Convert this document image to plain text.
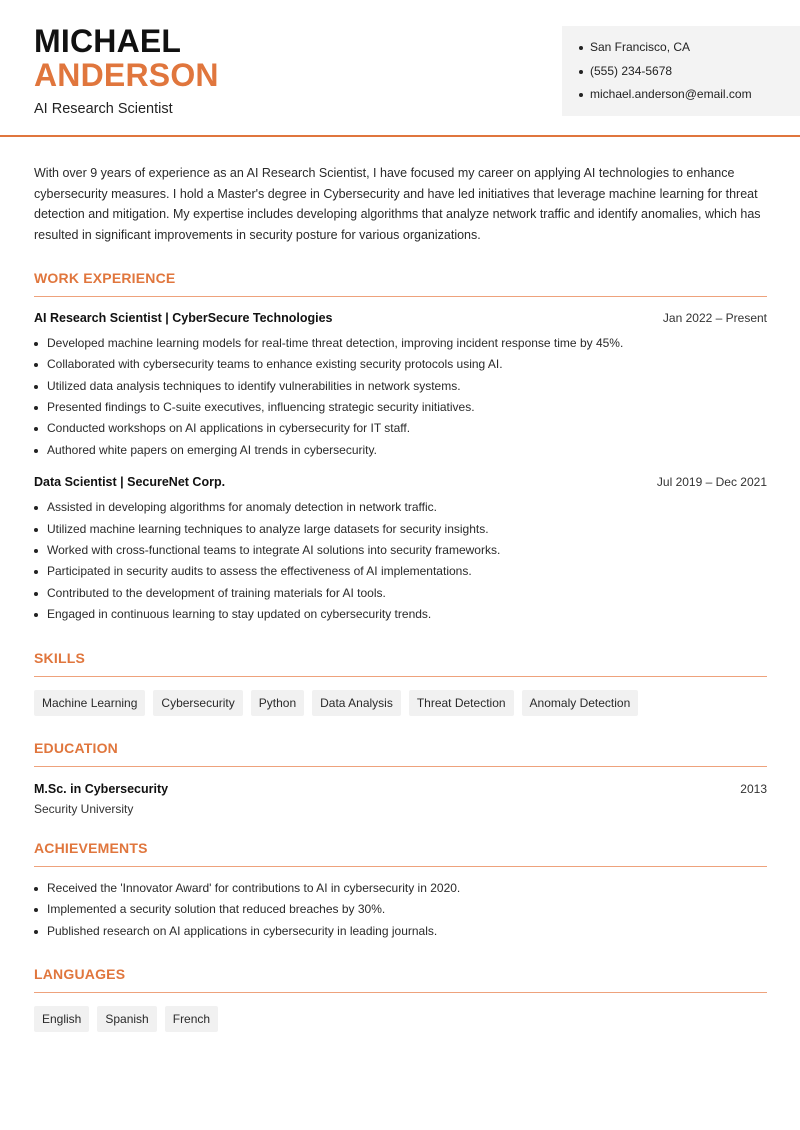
MICHAEL
ANDERSON
AI Research Scientist
San Francisco, CA
(555) 234-5678
michael.anderson@email.com

With over 9 years of experience as an AI Research Scientist, I have focused my career on applying AI technologies to enhance cybersecurity measures. I hold a Master's degree in Cybersecurity and have led initiatives that leverage machine learning for threat detection and mitigation. My expertise includes developing algorithms that analyze network traffic and identify anomalies, which has resulted in significant improvements in security posture for various organizations.

WORK EXPERIENCE
AI Research Scientist | CyberSecure Technologies	Jan 2022 – Present
Developed machine learning models for real-time threat detection, improving incident response time by 45%.
Collaborated with cybersecurity teams to enhance existing security protocols using AI.
Utilized data analysis techniques to identify vulnerabilities in network systems.
Presented findings to C-suite executives, influencing strategic security initiatives.
Conducted workshops on AI applications in cybersecurity for IT staff.
Authored white papers on emerging AI trends in cybersecurity.
Data Scientist | SecureNet Corp.	Jul 2019 – Dec 2021
Assisted in developing algorithms for anomaly detection in network traffic.
Utilized machine learning techniques to analyze large datasets for security insights.
Worked with cross-functional teams to integrate AI solutions into security frameworks.
Participated in security audits to assess the effectiveness of AI implementations.
Contributed to the development of training materials for AI tools.
Engaged in continuous learning to stay updated on cybersecurity trends.
SKILLS
Machine Learning	Cybersecurity	Python	Data Analysis	Threat Detection	Anomaly Detection
EDUCATION
M.Sc. in Cybersecurity	2013
Security University
ACHIEVEMENTS
Received the 'Innovator Award' for contributions to AI in cybersecurity in 2020.
Implemented a security solution that reduced breaches by 30%.
Published research on AI applications in cybersecurity in leading journals.
LANGUAGES
English	Spanish	French
